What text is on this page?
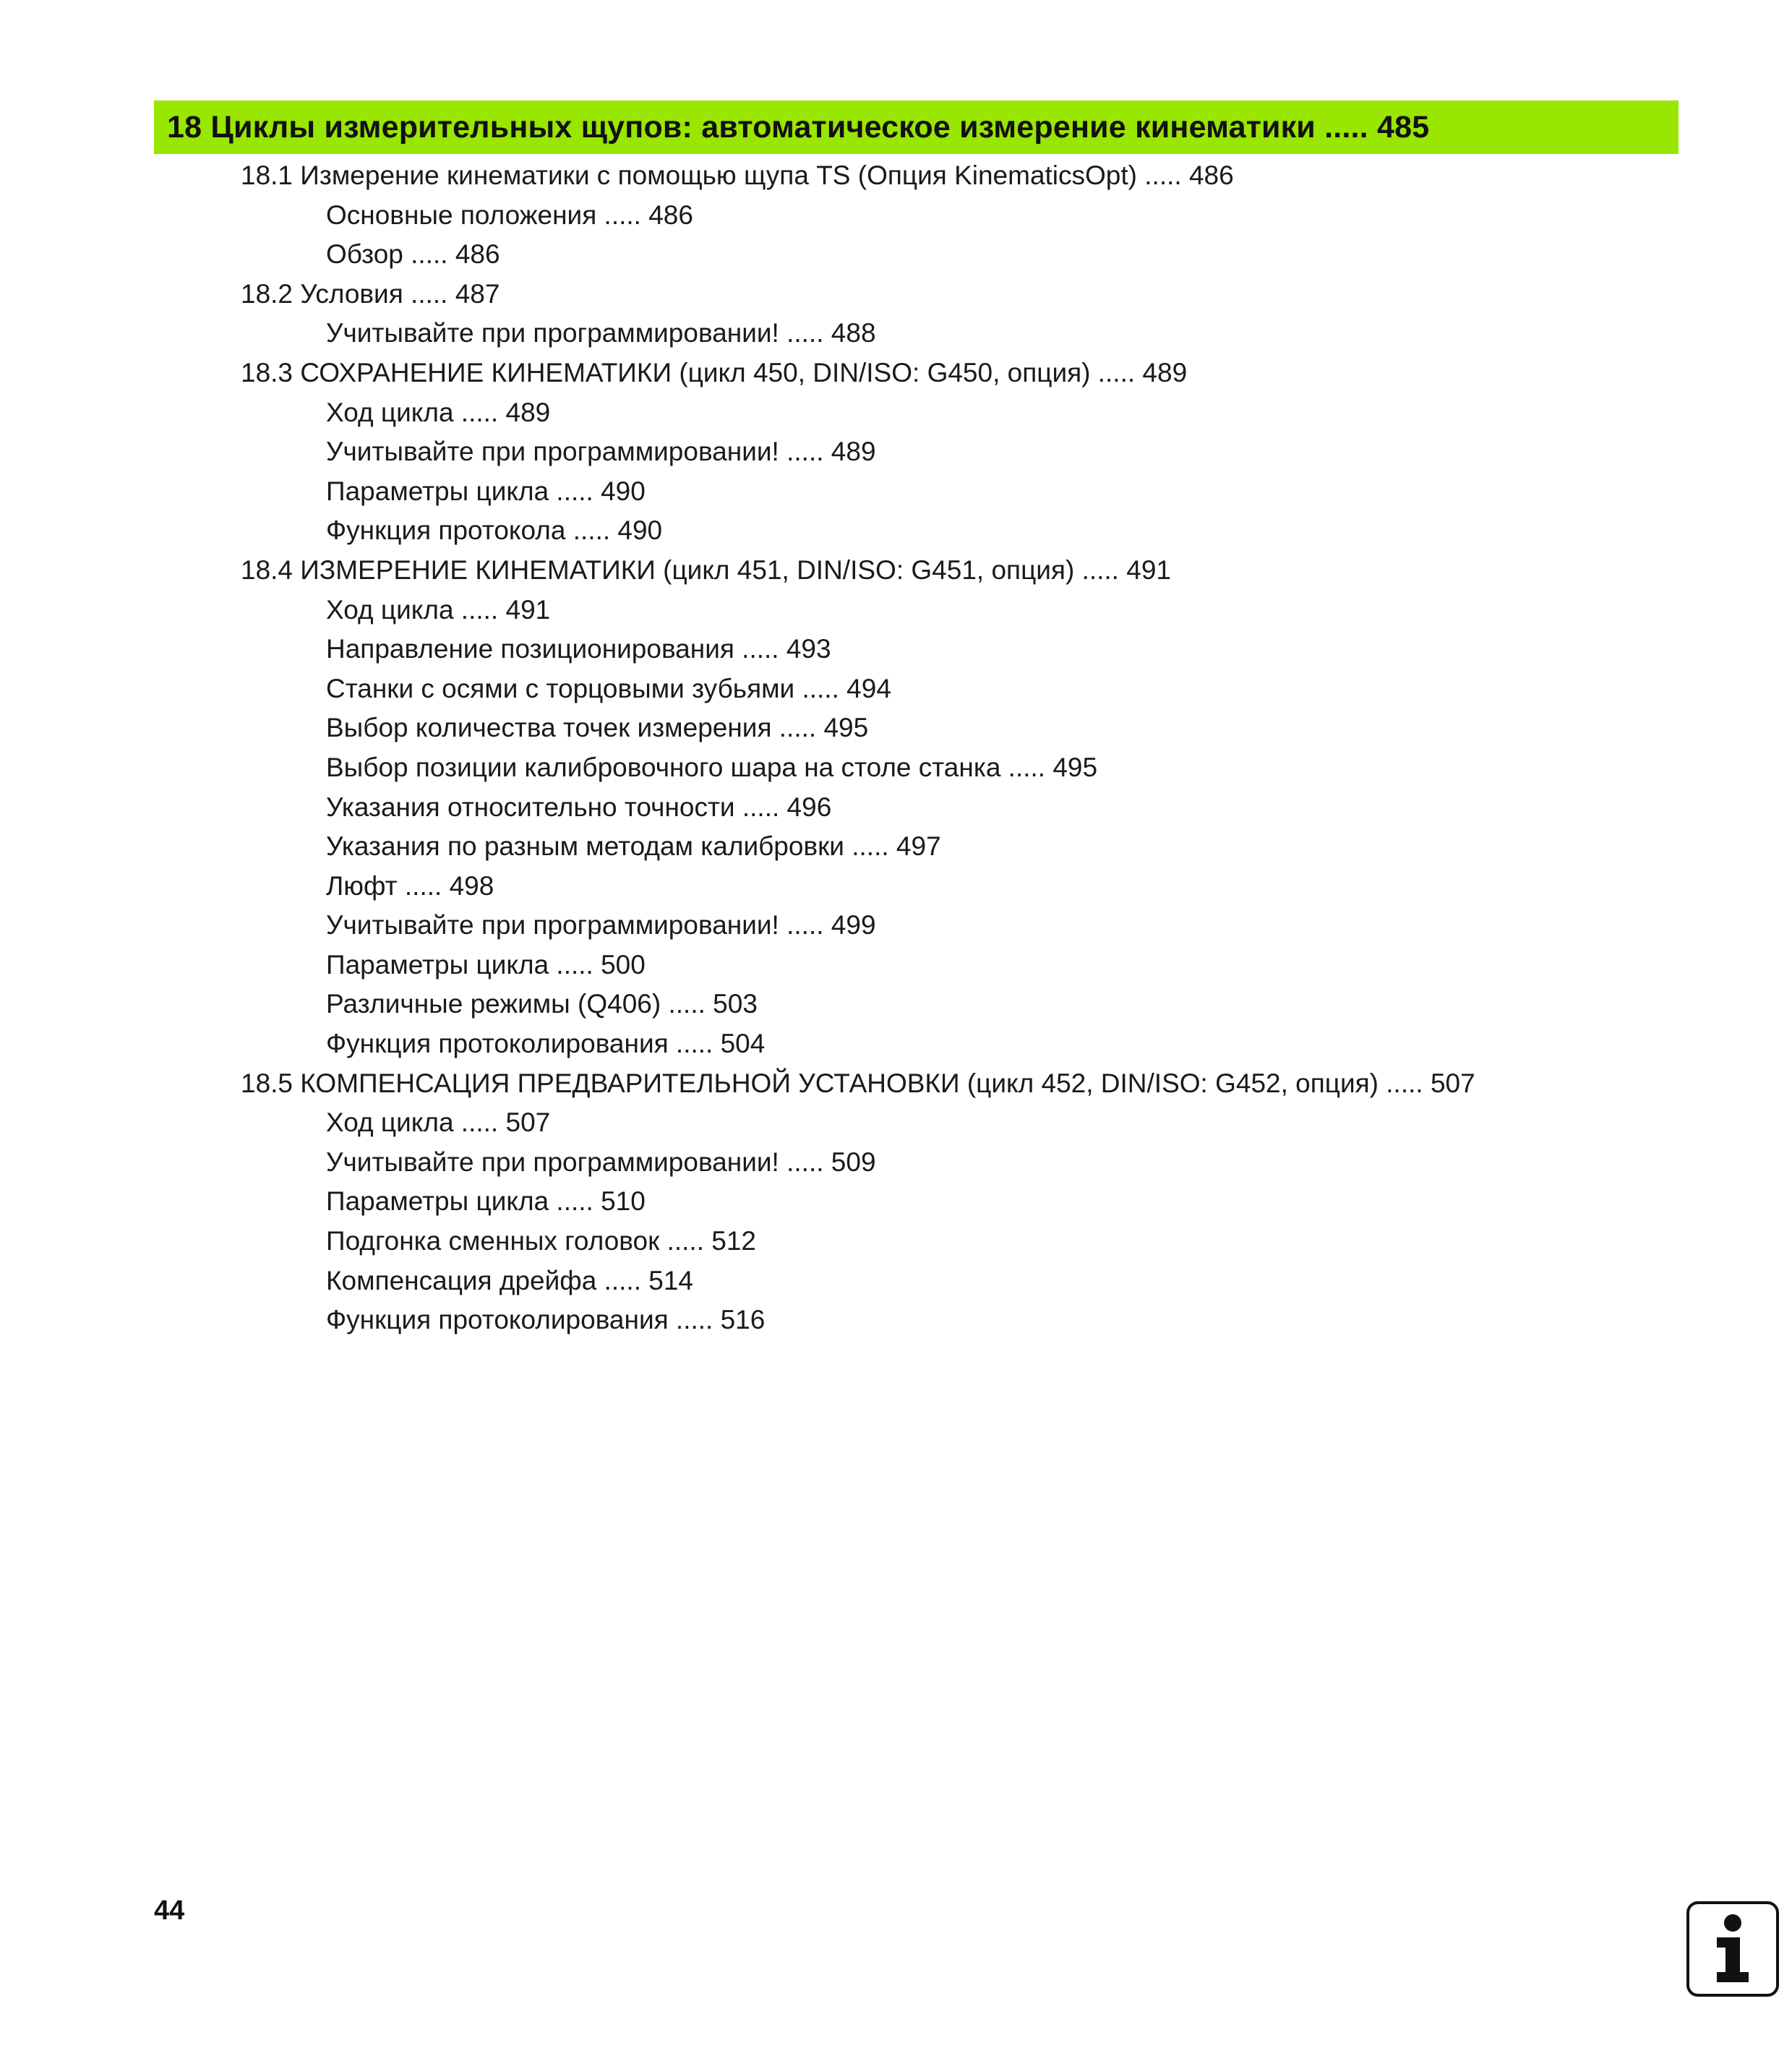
18 Циклы измерительных щупов: автоматическое измерение кинематики ..... 485
18.1 Измерение кинематики с помощью щупа TS (Опция KinematicsOpt) ..... 486
Основные положения ..... 486
Обзор ..... 486
18.2 Условия ..... 487
Учитывайте при программировании! ..... 488
18.3 СОХРАНЕНИЕ КИНЕМАТИКИ (цикл 450, DIN/ISO: G450, опция) ..... 489
Ход цикла ..... 489
Учитывайте при программировании! ..... 489
Параметры цикла ..... 490
Функция протокола ..... 490
18.4 ИЗМЕРЕНИЕ КИНЕМАТИКИ (цикл 451, DIN/ISO: G451, опция) ..... 491
Ход цикла ..... 491
Направление позиционирования ..... 493
Станки с осями с торцовыми зубьями ..... 494
Выбор количества точек измерения ..... 495
Выбор позиции калибровочного шара на столе станка ..... 495
Указания относительно точности ..... 496
Указания по разным методам калибровки ..... 497
Люфт ..... 498
Учитывайте при программировании! ..... 499
Параметры цикла ..... 500
Различные режимы (Q406) ..... 503
Функция протоколирования ..... 504
18.5 КОМПЕНСАЦИЯ ПРЕДВАРИТЕЛЬНОЙ УСТАНОВКИ (цикл 452, DIN/ISO: G452, опция) ..... 507
Ход цикла ..... 507
Учитывайте при программировании! ..... 509
Параметры цикла ..... 510
Подгонка сменных головок ..... 512
Компенсация дрейфа ..... 514
Функция протоколирования ..... 516
44
